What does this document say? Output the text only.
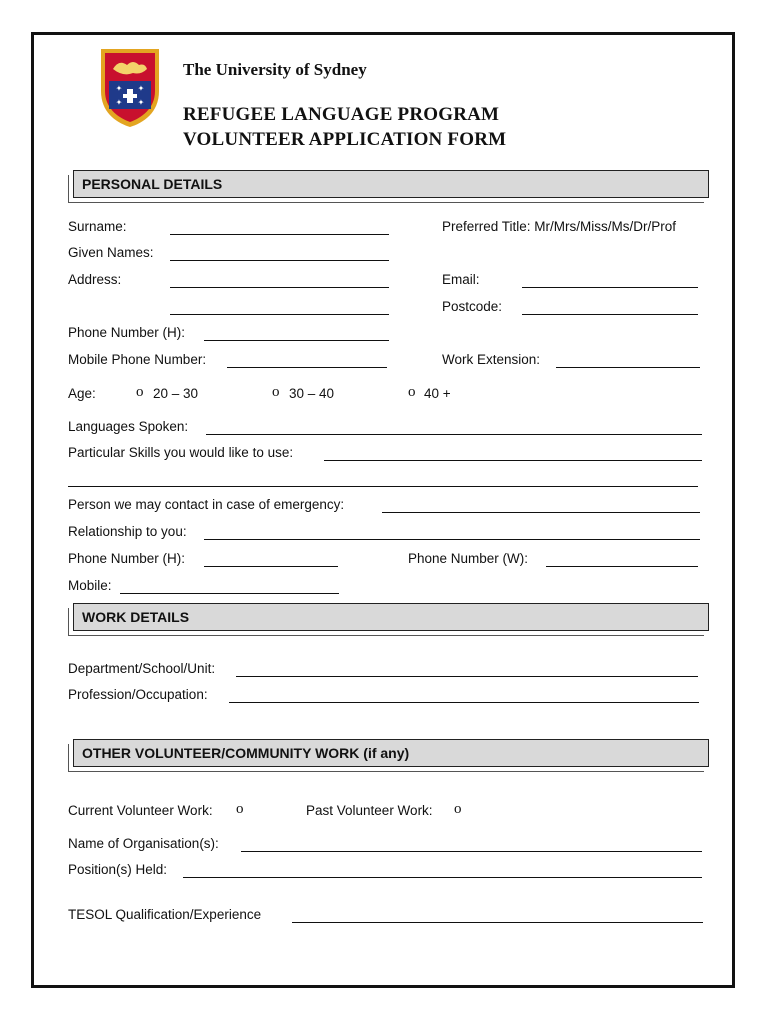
✦ ✦
✦ ✦
The University of Sydney
REFUGEE LANGUAGE PROGRAM
VOLUNTEER APPLICATION FORM
PERSONAL DETAILS
Surname:	Preferred Title: Mr/Mrs/Miss/Ms/Dr/Prof
Given Names:
Address:	Email:
Postcode:
Phone Number (H):
Mobile Phone Number:	Work Extension:
Age:	o 20 – 30	o 30 – 40	o 40 +
Languages Spoken:
Particular Skills you would like to use:
Person we may contact in case of emergency:
Relationship to you:
Phone Number (H):	Phone Number (W):
Mobile:
WORK DETAILS
Department/School/Unit:
Profession/Occupation:
OTHER VOLUNTEER/COMMUNITY WORK (if any)
Current Volunteer Work: o	Past Volunteer Work: o
Name of Organisation(s):
Position(s) Held:
TESOL Qualification/Experience
